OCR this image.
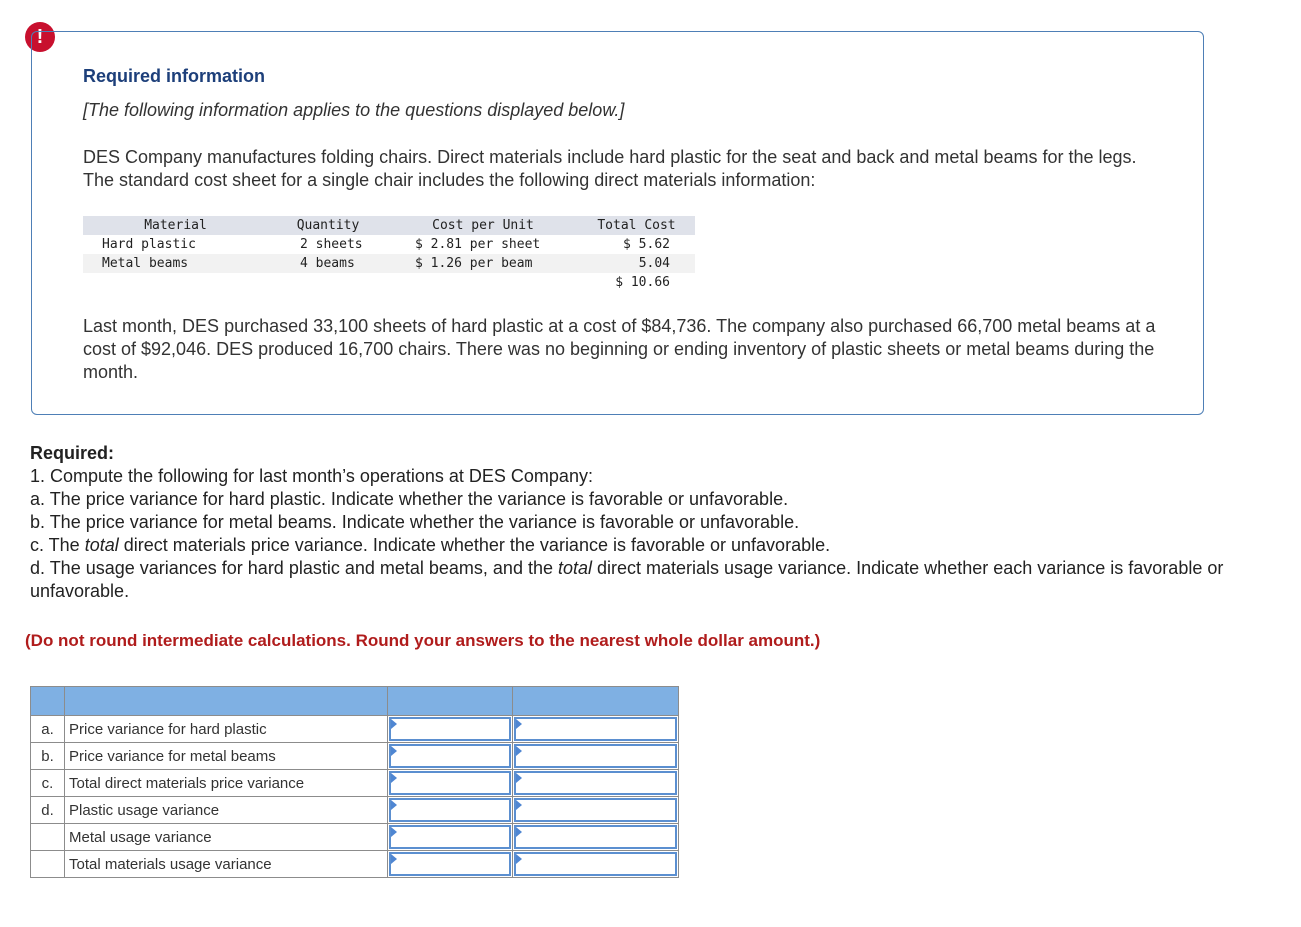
!
Required information
[The following information applies to the questions displayed below.]

DES Company manufactures folding chairs. Direct materials include hard plastic for the seat and back and metal beams for the legs. The standard cost sheet for a single chair includes the following direct materials information:

Material	Quantity	Cost per Unit	Total Cost
Hard plastic	2 sheets	$ 2.81 per sheet	$ 5.62
Metal beams	4 beams	$ 1.26 per beam	5.04
			$ 10.66

Last month, DES purchased 33,100 sheets of hard plastic at a cost of $84,736. The company also purchased 66,700 metal beams at a cost of $92,046. DES produced 16,700 chairs. There was no beginning or ending inventory of plastic sheets or metal beams during the month.

Required:

1. Compute the following for last month’s operations at DES Company:

a. The price variance for hard plastic. Indicate whether the variance is favorable or unfavorable.

b. The price variance for metal beams. Indicate whether the variance is favorable or unfavorable.

c. The total direct materials price variance. Indicate whether the variance is favorable or unfavorable.

d. The usage variances for hard plastic and metal beams, and the total direct materials usage variance. Indicate whether each variance is favorable or unfavorable.

(Do not round intermediate calculations. Round your answers to the nearest whole dollar amount.)

a.	Price variance for hard plastic	

b.	Price variance for metal beams	

c.	Total direct materials price variance	

d.	Plastic usage variance	

	Metal usage variance	

	Total materials usage variance	
